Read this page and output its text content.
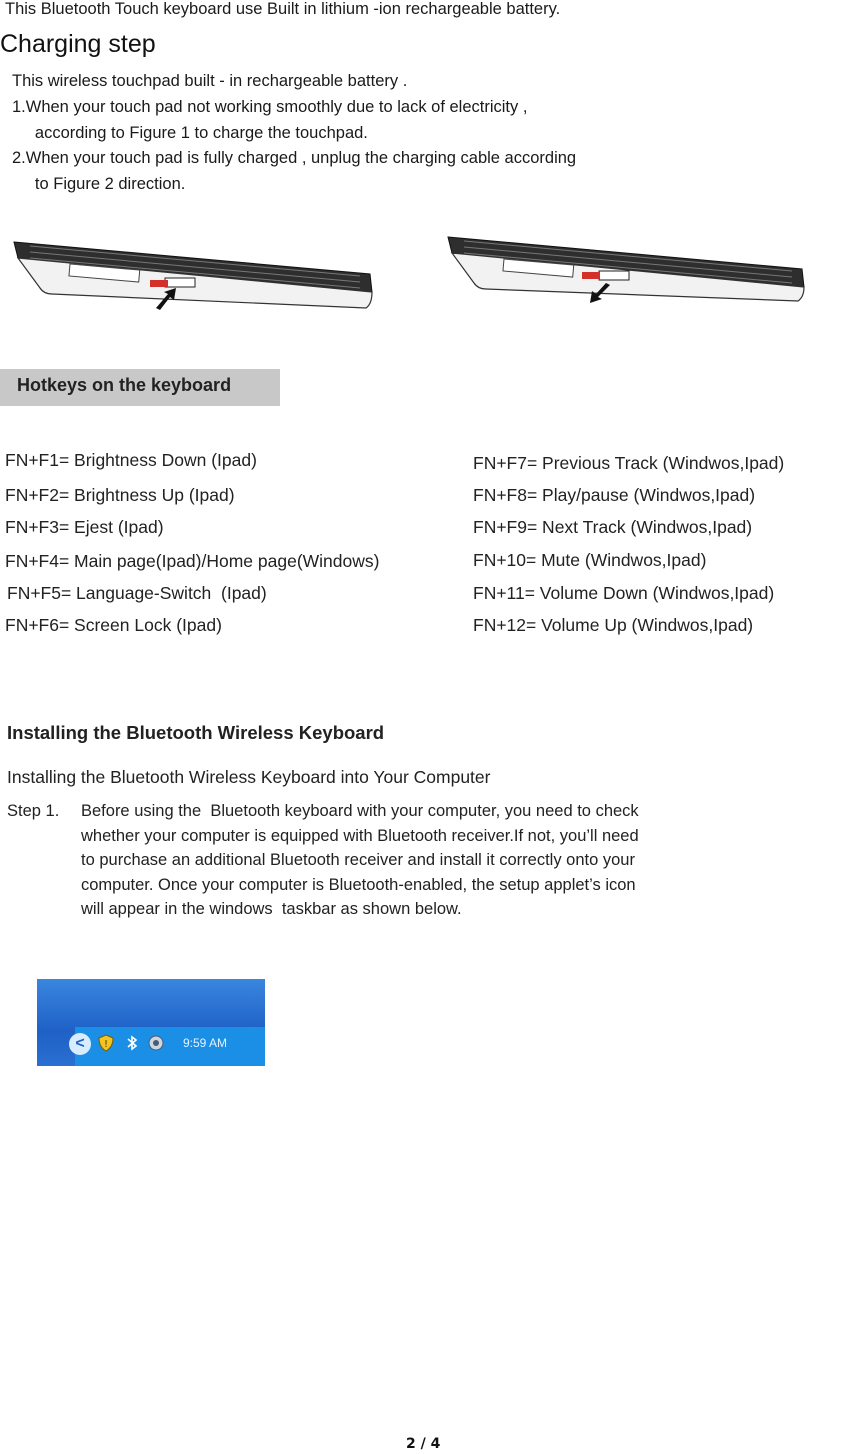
This Bluetooth Touch keyboard use Built in lithium -ion rechargeable battery.
Charging step
This wireless touchpad built - in rechargeable battery .
1.When your touch pad not working smoothly due to lack of electricity ,
according to Figure 1 to charge the touchpad.
2.When your touch pad is fully charged , unplug the charging cable according
to Figure 2 direction.
Hotkeys on the keyboard
FN+F1= Brightness Down (Ipad)
FN+F2= Brightness Up (Ipad)
FN+F3= Ejest (Ipad)
FN+F4= Main page(Ipad)/Home page(Windows)
FN+F5= Language-Switch  (Ipad)
FN+F6= Screen Lock (Ipad)
FN+F7= Previous Track (Windwos,Ipad)
FN+F8= Play/pause (Windwos,Ipad)
FN+F9= Next Track (Windwos,Ipad)
FN+10= Mute (Windwos,Ipad)
FN+11= Volume Down (Windwos,Ipad)
FN+12= Volume Up (Windwos,Ipad)
Installing the Bluetooth Wireless Keyboard
Installing the Bluetooth Wireless Keyboard into Your Computer
Step 1. Before using the  Bluetooth keyboard with your computer, you need to check
whether your computer is equipped with Bluetooth receiver.If not, you’ll need
to purchase an additional Bluetooth receiver and install it correctly onto your
computer. Once your computer is Bluetooth-enabled, the setup applet’s icon
will appear in the windows  taskbar as shown below.
<	!	9:59 AM
2 / 4
